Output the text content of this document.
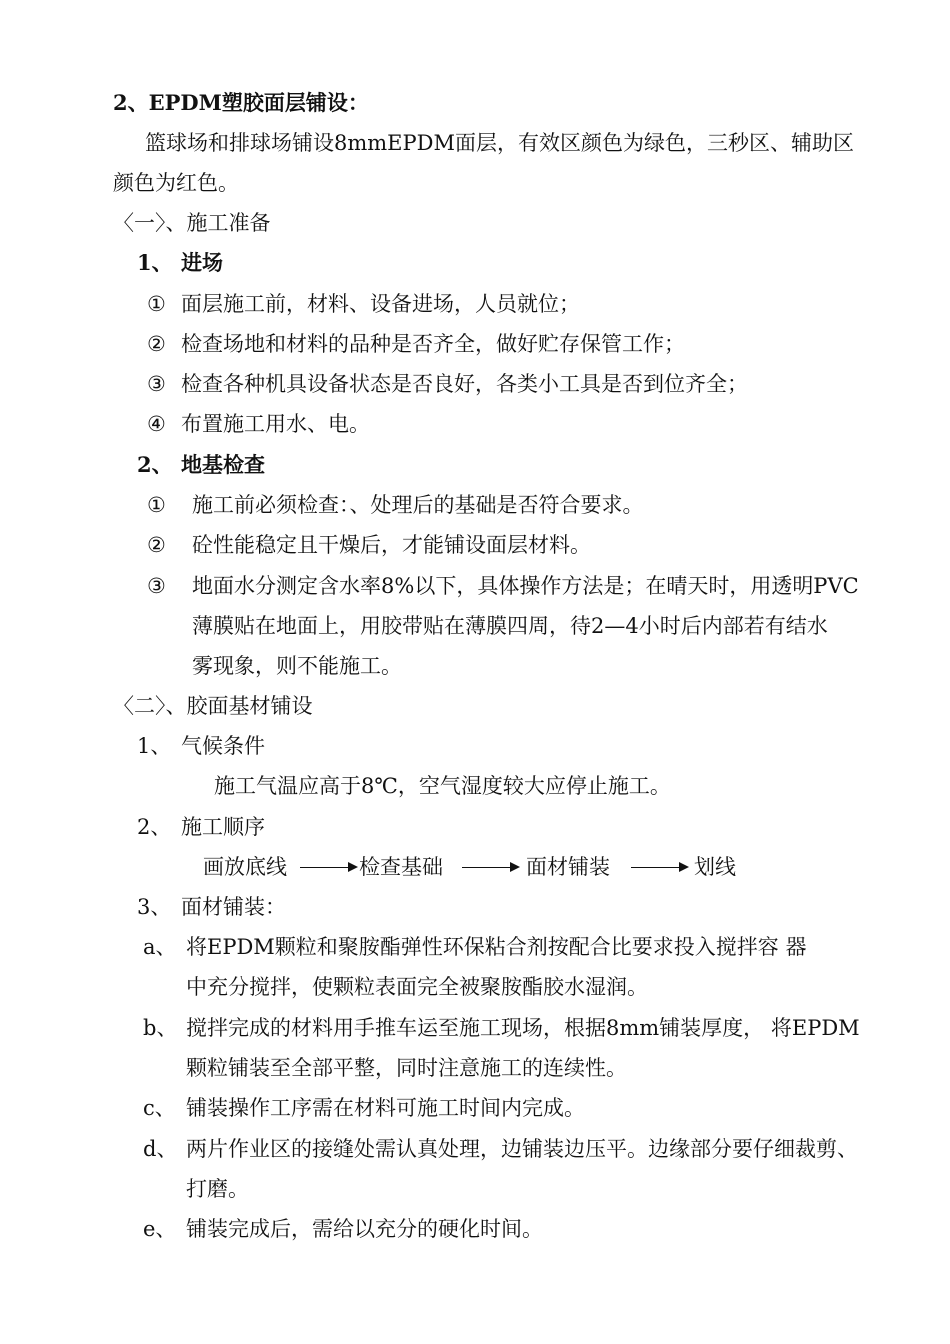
2、EPDM塑胶面层铺设：
篮球场和排球场铺设8mmEPDM面层，有效区颜色为绿色，三秒区、辅助区
颜色为红色。
〈一〉、施工准备
1、 进场
① 面层施工前，材料、设备进场，人员就位；
② 检查场地和材料的品种是否齐全，做好贮存保管工作；
③ 检查各种机具设备状态是否良好，各类小工具是否到位齐全；
④ 布置施工用水、电。
2、 地基检查
① 施工前必须检查：、处理后的基础是否符合要求。
② 砼性能稳定且干燥后，才能铺设面层材料。
③ 地面水分测定含水率8%以下，具体操作方法是；在晴天时，用透明PVC
薄膜贴在地面上，用胶带贴在薄膜四周，待2—4小时后内部若有结水
雾现象，则不能施工。
〈二〉、胶面基材铺设
1、 气候条件
施工气温应高于8℃，空气湿度较大应停止施工。
2、 施工顺序
画放底线	检查基础	面材铺装	划线
3、 面材铺装：
a、 将EPDM颗粒和聚胺酯弹性环保粘合剂按配合比要求投入搅拌容 器
中充分搅拌，使颗粒表面完全被聚胺酯胶水湿润。
b、 搅拌完成的材料用手推车运至施工现场，根据8mm铺装厚度， 将EPDM
颗粒铺装至全部平整，同时注意施工的连续性。
c、 铺装操作工序需在材料可施工时间内完成。
d、 两片作业区的接缝处需认真处理，边铺装边压平。边缘部分要仔细裁剪、
打磨。
e、 铺装完成后，需给以充分的硬化时间。
